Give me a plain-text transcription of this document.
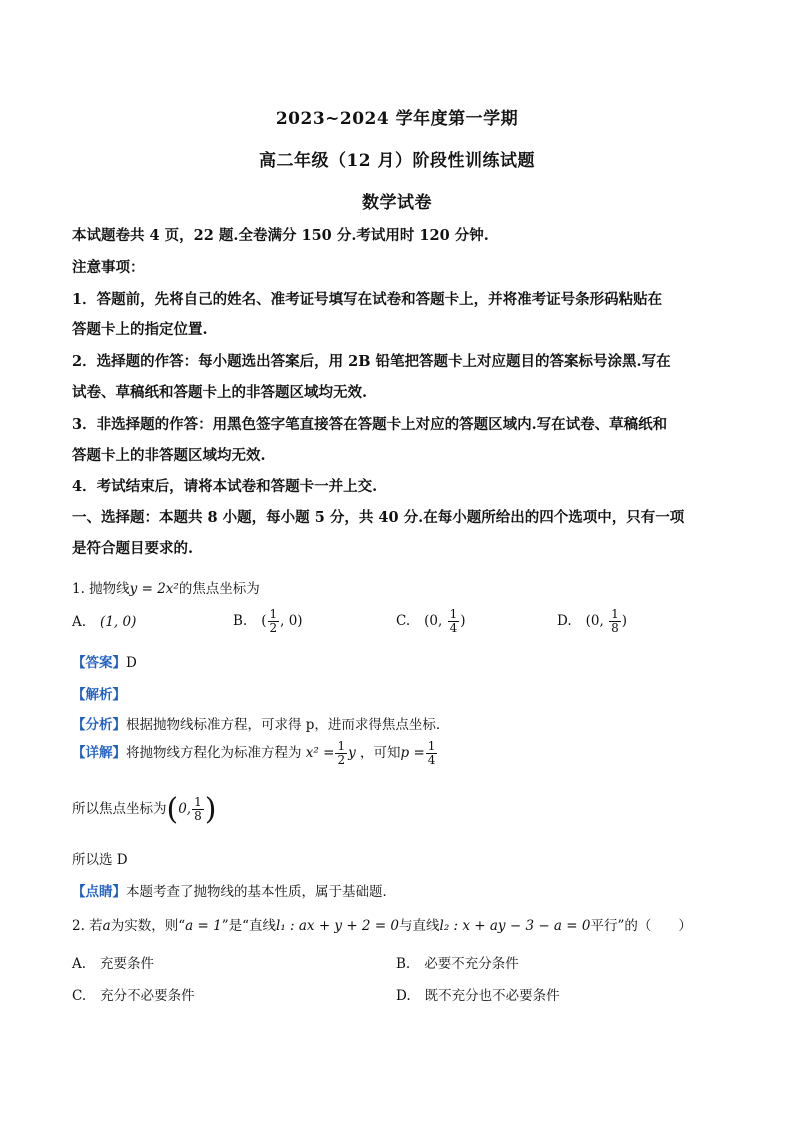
2023~2024 学年度第一学期
高二年级（12 月）阶段性训练试题
数学试卷
本试题卷共 4 页，22 题.全卷满分 150 分.考试用时 120 分钟.
注意事项：
1．答题前，先将自己的姓名、准考证号填写在试卷和答题卡上，并将准考证号条形码粘贴在
答题卡上的指定位置.
2．选择题的作答：每小题选出答案后，用 2B 铅笔把答题卡上对应题目的答案标号涂黑.写在
试卷、草稿纸和答题卡上的非答题区域均无效.
3．非选择题的作答：用黑色签字笔直接答在答题卡上对应的答题区域内.写在试卷、草稿纸和
答题卡上的非答题区域均无效.
4．考试结束后，请将本试卷和答题卡一并上交.
一、选择题：本题共 8 小题，每小题 5 分，共 40 分.在每小题所给出的四个选项中，只有一项
是符合题目要求的.
1. 抛物线y = 2x²的焦点坐标为
A. (1, 0)	B. ( $\frac{1}{2}$ , 0)	C. (0, $\frac{1}{4}$ )	D. (0, $\frac{1}{8}$ )
【答案】D
【解析】
【分析】根据抛物线标准方程，可求得 p，进而求得焦点坐标．
【详解】将抛物线方程化为标准方程为 $x^2 = \frac{1}{2}$ y ，可知$p = \frac{1}{4}$
所以焦点坐标为(0, $\frac{1}{8}$ )
所以选 D
【点睛】本题考查了抛物线的基本性质，属于基础题．
2. 若a为实数，则“a = 1”是“直线l₁ : ax + y + 2 = 0与直线l₂ : x + ay − 3 − a = 0平行”的（　　）
A. 充要条件	B. 必要不充分条件
C. 充分不必要条件	D. 既不充分也不必要条件
